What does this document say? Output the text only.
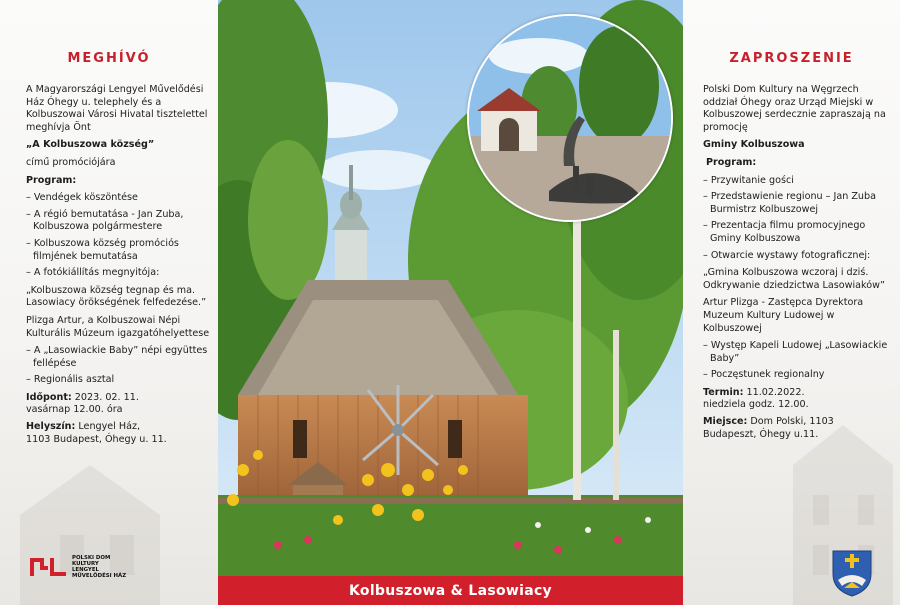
MEGHÍVÓ

A Magyarországi Lengyel Művelődési Ház Óhegy u. telephely és a Kolbuszowai Városi Hivatal tisztelettel meghívja Önt

„A Kolbuszowa község”

című promóciójára

Program:

– Vendégek köszöntése
– A régió bemutatása - Jan Zuba, Kolbuszowa polgármestere
– Kolbuszowa község promóciós filmjének bemutatása
– A fotókiállítás megnyitója:

„Kolbuszowa község tegnap és ma. Lasowiacy örökségének felfedezése.”

Plizga Artur, a Kolbuszowai Népi Kulturális Múzeum igazgatóhelyettese

– A „Lasowiackie Baby” népi együttes fellépése
– Regionális asztal

Időpont: 2023. 02. 11.
vasárnap 12.00. óra

Helyszín: Lengyel Ház,
1103 Budapest, Óhegy u. 11.

POLSKI DOM
KULTURY
LENGYEL
MŰVELŐDÉSI HÁZ
ZAPROSZENIE

Polski Dom Kultury na Węgrzech oddział Óhegy oraz Urząd Miejski w Kolbuszowej serdecznie zapraszają na promocję

Gminy Kolbuszowa

Program:

– Przywitanie gości
– Przedstawienie regionu – Jan Zuba Burmistrz Kolbuszowej
– Prezentacja filmu promocyjnego Gminy Kolbuszowa
– Otwarcie wystawy fotograficznej:

„Gmina Kolbuszowa wczoraj i dziś. Odkrywanie dziedzictwa Lasowiaków”

Artur Plizga - Zastępca Dyrektora Muzeum Kultury Ludowej w Kolbuszowej

– Występ Kapeli Ludowej „Lasowiackie Baby”
– Poczęstunek regionalny

Termin: 11.02.2022.
niedziela godz. 12.00.

Miejsce: Dom Polski, 1103
Budapeszt, Óhegy u.11.

Kolbuszowa & Lasowiacy
